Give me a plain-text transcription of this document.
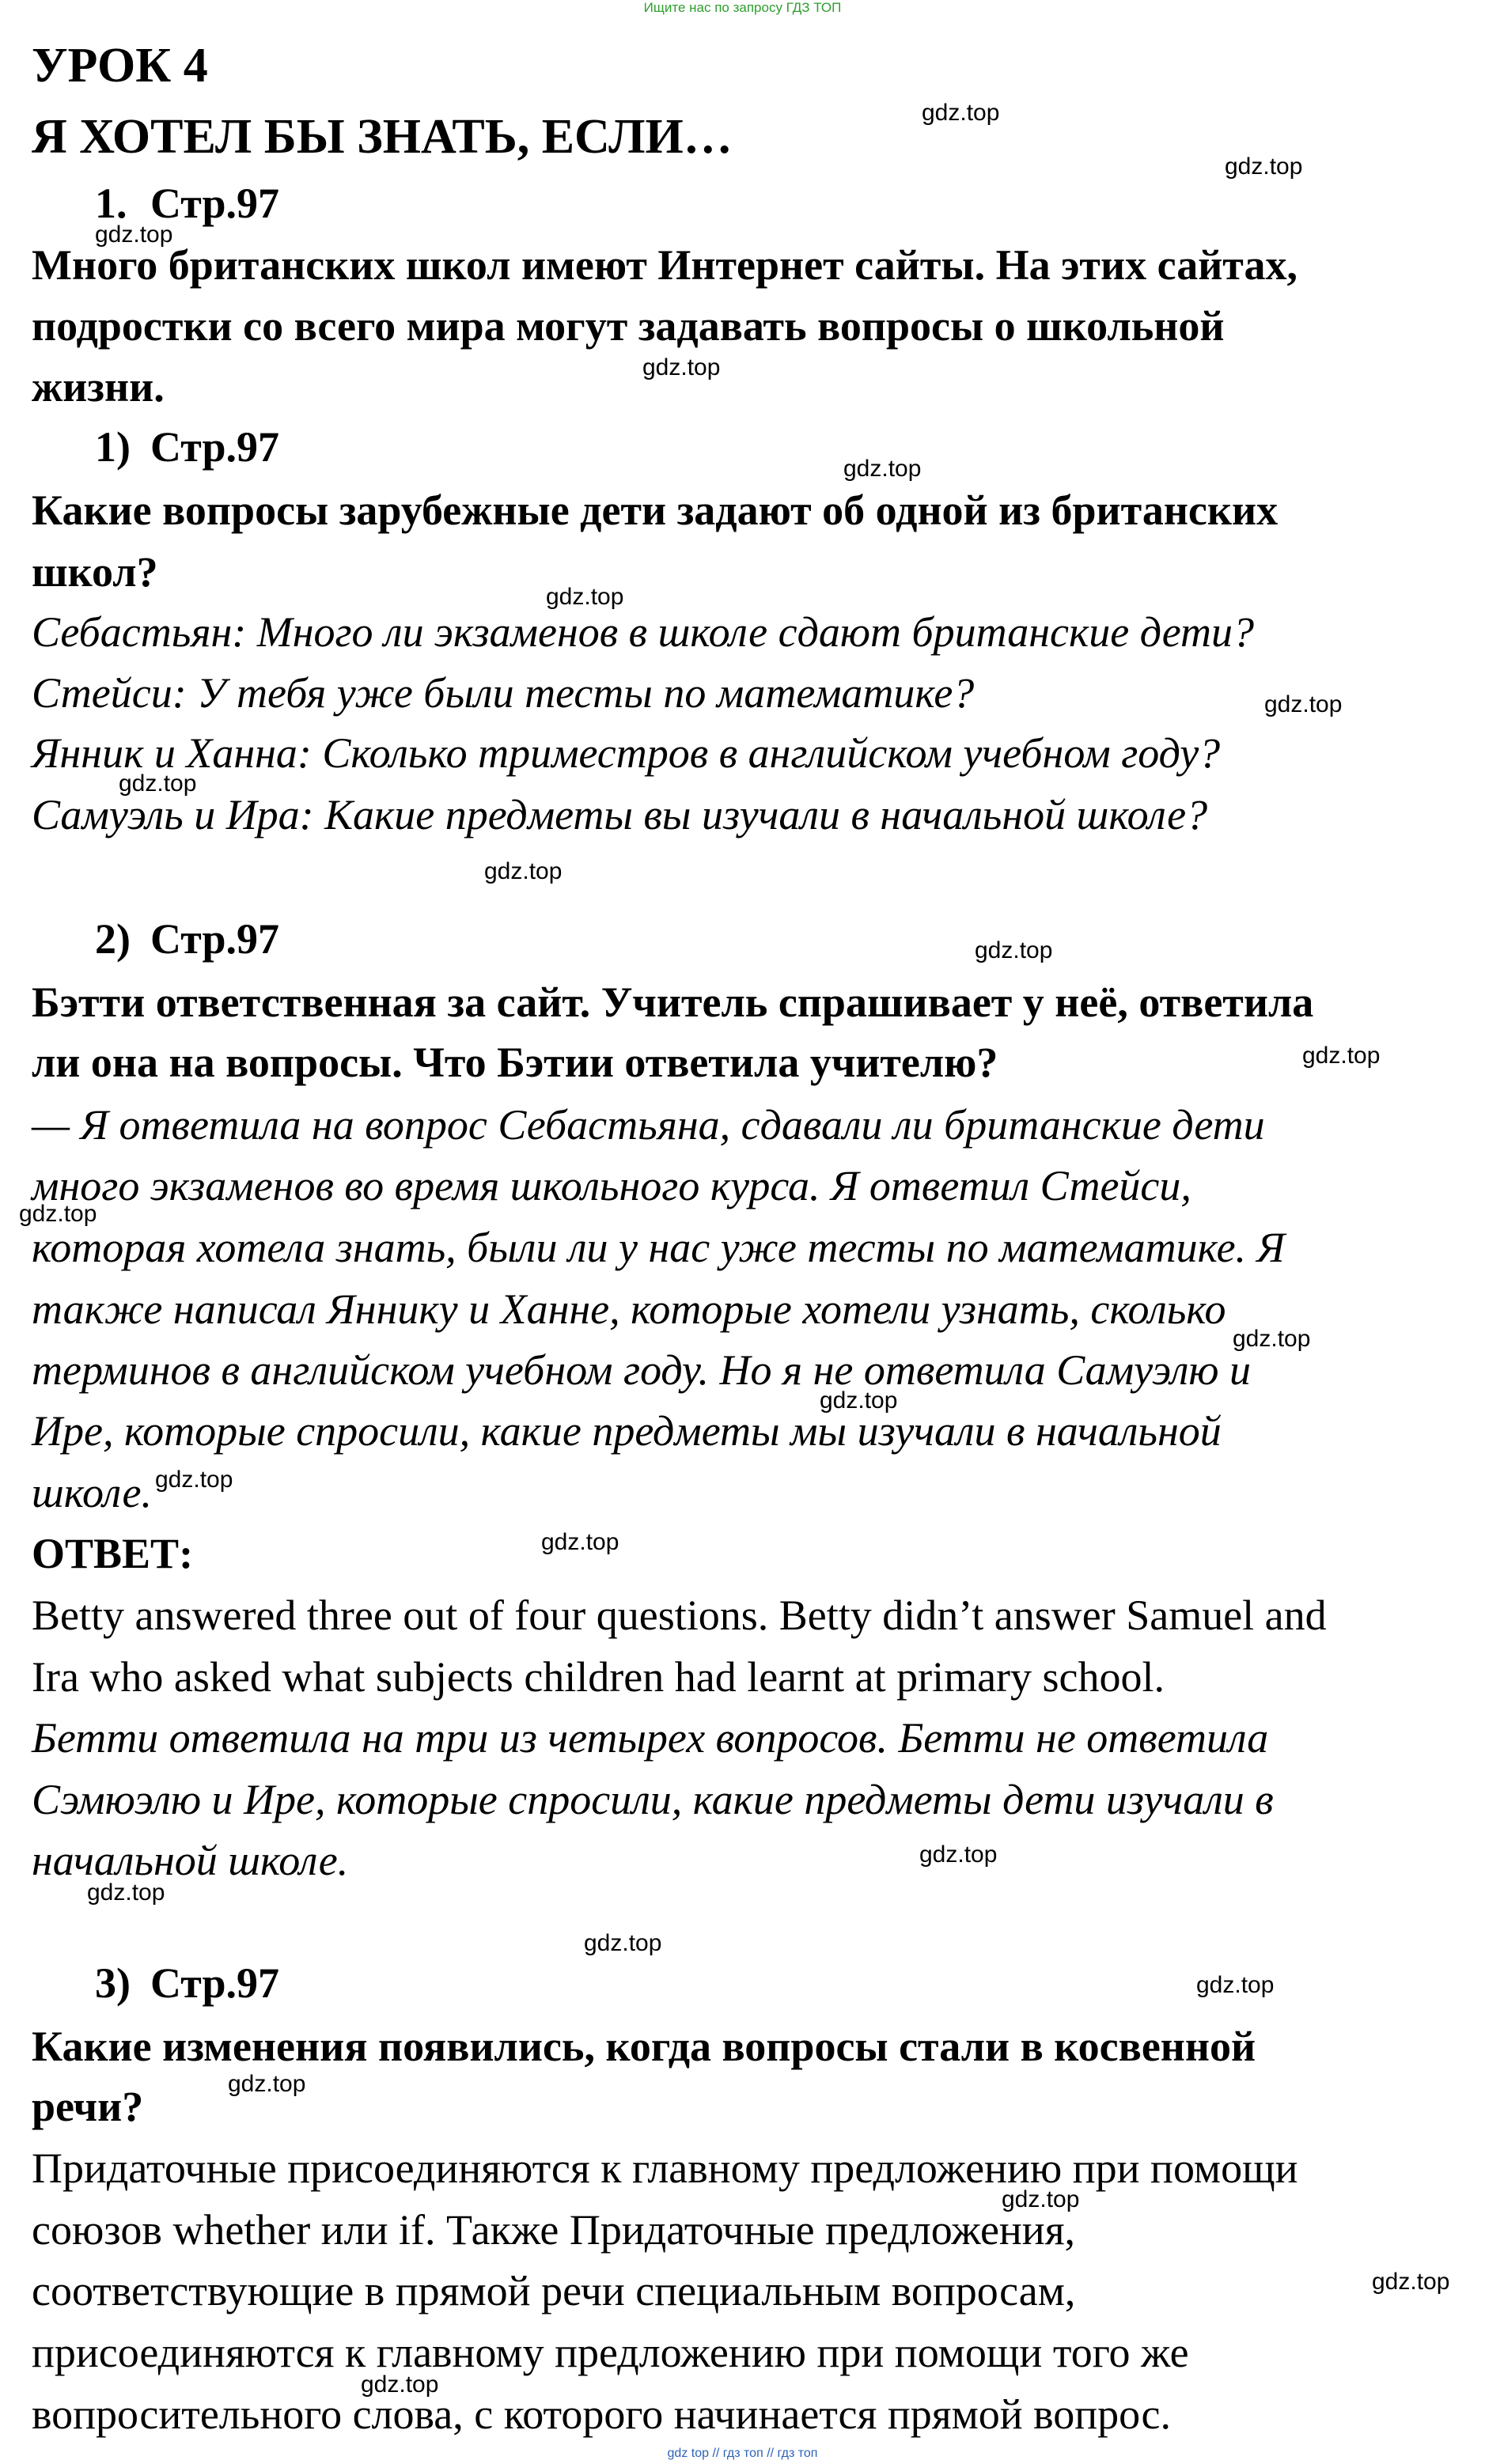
Ищите нас по запросу ГДЗ ТОП
УРОК 4
Я ХОТЕЛ БЫ ЗНАТЬ, ЕСЛИ…
1. Стр.97
Много британских школ имеют Интернет сайты. На этих сайтах,
подростки со всего мира могут задавать вопросы о школьной
жизни.
1) Стр.97
Какие вопросы зарубежные дети задают об одной из британских
школ?
Себастьян: Много ли экзаменов в школе сдают британские дети?
Стейси: У тебя уже были тесты по математике?
Янник и Ханна: Сколько триместров в английском учебном году?
Самуэль и Ира: Какие предметы вы изучали в начальной школе?
2) Стр.97
Бэтти ответственная за сайт. Учитель спрашивает у неё, ответила
ли она на вопросы. Что Бэтии ответила учителю?
— Я ответила на вопрос Себастьяна, сдавали ли британские дети
много экзаменов во время школьного курса. Я ответил Стейси,
которая хотела знать, были ли у нас уже тесты по математике. Я
также написал Яннику и Ханне, которые хотели узнать, сколько
терминов в английском учебном году. Но я не ответила Самуэлю и
Ире, которые спросили, какие предметы мы изучали в начальной
школе.
ОТВЕТ:
Betty answered three out of four questions. Betty didn’t answer Samuel and
Ira who asked what subjects children had learnt at primary school.
Бетти ответила на три из четырех вопросов. Бетти не ответила
Сэмюэлю и Ире, которые спросили, какие предметы дети изучали в
начальной школе.
3) Стр.97
Какие изменения появились, когда вопросы стали в косвенной
речи?
Придаточные присоединяются к главному предложению при помощи
союзов whether или if. Также Придаточные предложения,
соответствующие в прямой речи специальным вопросам,
присоединяются к главному предложению при помощи того же
вопросительного слова, с которого начинается прямой вопрос.
gdz.top
gdz.top
gdz.top
gdz.top
gdz.top
gdz.top
gdz.top
gdz.top
gdz.top
gdz.top
gdz.top
gdz.top
gdz.top
gdz.top
gdz.top
gdz.top
gdz.top
gdz.top
gdz.top
gdz.top
gdz.top
gdz.top
gdz.top
gdz.top
gdz top // гдз топ // гдз топ
